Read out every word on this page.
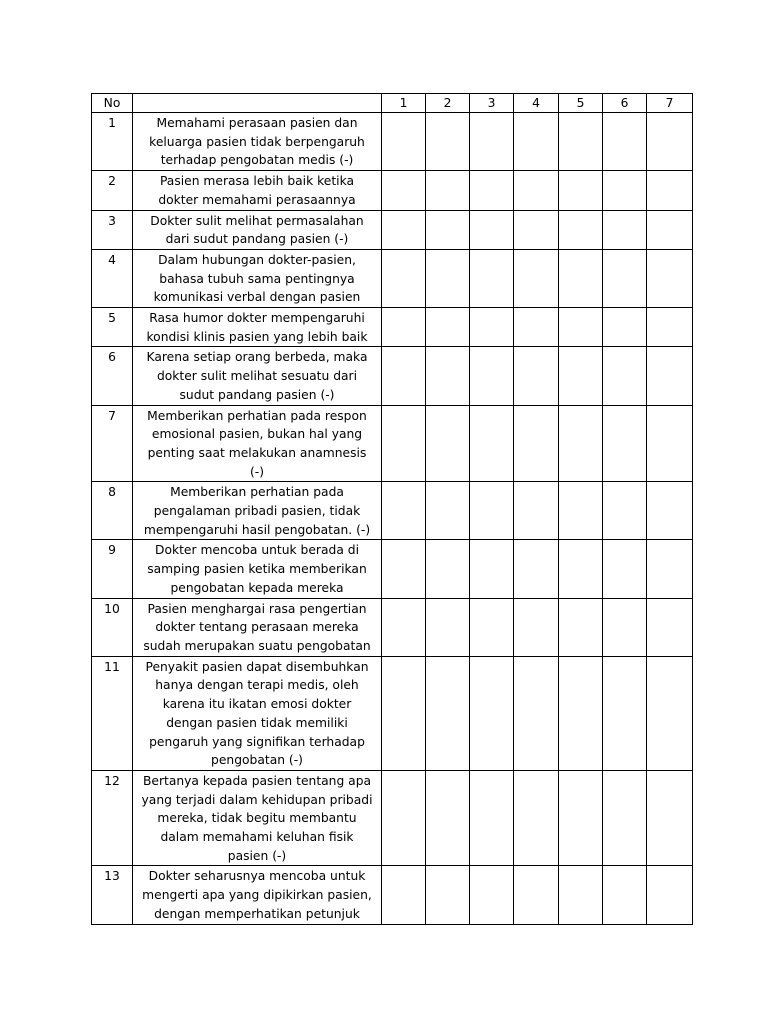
No		1	2	3	4	5	6	7
1	Memahami perasaan pasien dan keluarga pasien tidak berpengaruh terhadap pengobatan medis (-)							
2	Pasien merasa lebih baik ketika dokter memahami perasaannya							
3	Dokter sulit melihat permasalahan dari sudut pandang pasien (-)							
4	Dalam hubungan dokter-pasien, bahasa tubuh sama pentingnya komunikasi verbal dengan pasien							
5	Rasa humor dokter mempengaruhi kondisi klinis pasien yang lebih baik							
6	Karena setiap orang berbeda, maka dokter sulit melihat sesuatu dari sudut pandang pasien (-)							
7	Memberikan perhatian pada respon emosional pasien, bukan hal yang penting saat melakukan anamnesis (-)							
8	Memberikan perhatian pada pengalaman pribadi pasien, tidak mempengaruhi hasil pengobatan. (-)							
9	Dokter mencoba untuk berada di samping pasien ketika memberikan pengobatan kepada mereka							
10	Pasien menghargai rasa pengertian dokter tentang perasaan mereka sudah merupakan suatu pengobatan							
11	Penyakit pasien dapat disembuhkan hanya dengan terapi medis, oleh karena itu ikatan emosi dokter dengan pasien tidak memiliki pengaruh yang signifikan terhadap pengobatan (-)							
12	Bertanya kepada pasien tentang apa yang terjadi dalam kehidupan pribadi mereka, tidak begitu membantu dalam memahami keluhan fisik pasien (-)							
13	Dokter seharusnya mencoba untuk mengerti apa yang dipikirkan pasien, dengan memperhatikan petunjuk							
